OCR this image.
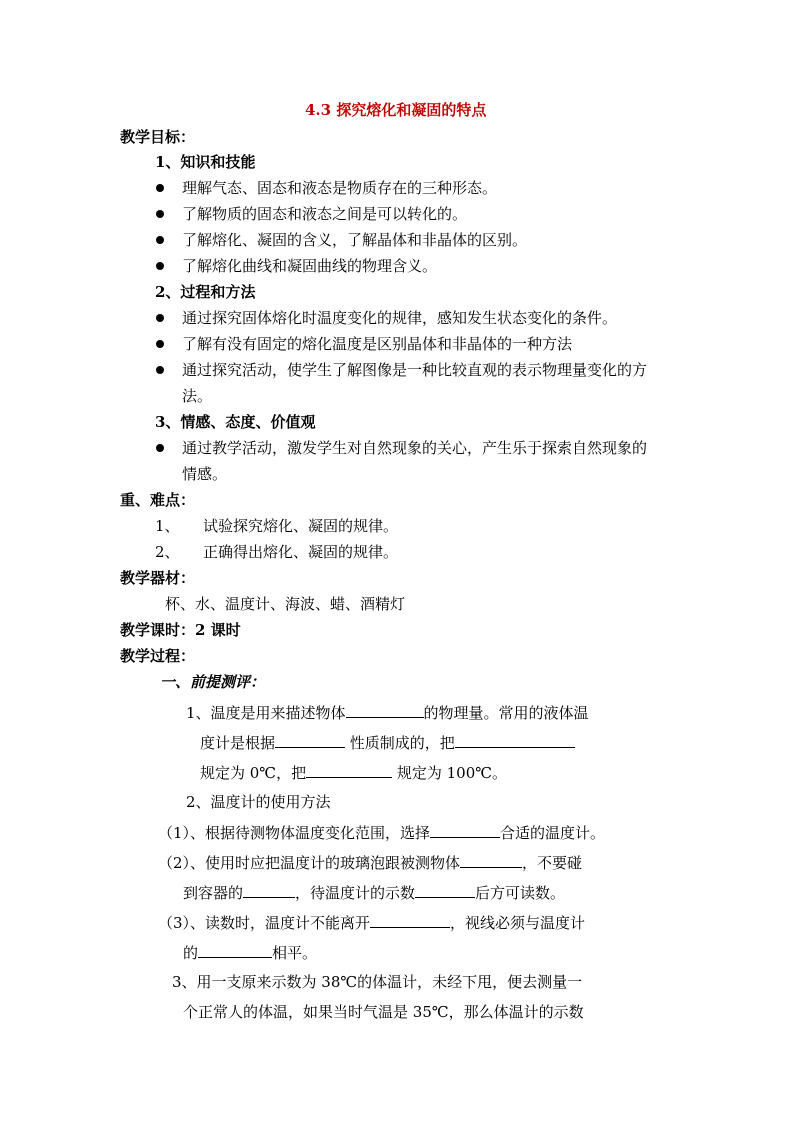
4.3 探究熔化和凝固的特点
教学目标：
1、知识和技能
理解气态、固态和液态是物质存在的三种形态。
了解物质的固态和液态之间是可以转化的。
了解熔化、凝固的含义，了解晶体和非晶体的区别。
了解熔化曲线和凝固曲线的物理含义。
2、过程和方法
通过探究固体熔化时温度变化的规律，感知发生状态变化的条件。
了解有没有固定的熔化温度是区别晶体和非晶体的一种方法
通过探究活动，使学生了解图像是一种比较直观的表示物理量变化的方
法。
3、情感、态度、价值观
通过教学活动，激发学生对自然现象的关心，产生乐于探索自然现象的
情感。
重、难点：
1、 试验探究熔化、凝固的规律。
2、 正确得出熔化、凝固的规律。
教学器材：
杯、水、温度计、海波、蜡、酒精灯
教学课时：2 课时
教学过程：
一、前提测评：
1、温度是用来描述物体	的物理量。常用的液体温
度计是根据	性质制成的，把
规定为 0℃，把	规定为 100℃。
2、温度计的使用方法
（1）、根据待测物体温度变化范围，选择	合适的温度计。
（2）、使用时应把温度计的玻璃泡跟被测物体	，不要碰
到容器的	，待温度计的示数	后方可读数。
（3）、读数时，温度计不能离开	，视线必须与温度计
的	相平。
3、用一支原来示数为 38℃的体温计，未经下甩，便去测量一
个正常人的体温，如果当时气温是 35℃，那么体温计的示数
